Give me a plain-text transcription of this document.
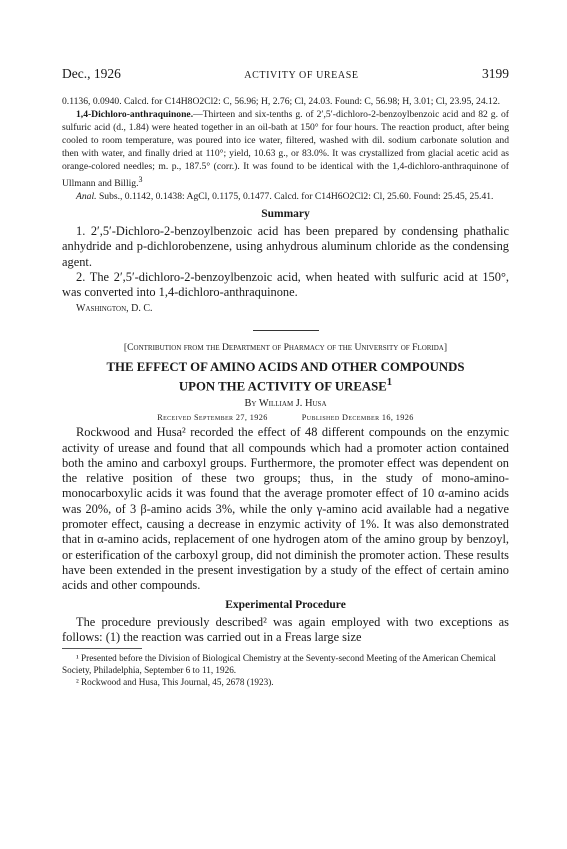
Dec., 1926	ACTIVITY OF UREASE	3199

0.1136, 0.0940. Calcd. for C14H8O2Cl2: C, 56.96; H, 2.76; Cl, 24.03. Found: C, 56.98; H, 3.01; Cl, 23.95, 24.12.

1,4-Dichloro-anthraquinone.—Thirteen and six-tenths g. of 2′,5′-dichloro-2-benzoylbenzoic acid and 82 g. of sulfuric acid (d., 1.84) were heated together in an oil-bath at 150° for four hours. The reaction product, after being cooled to room temperature, was poured into ice water, filtered, washed with dil. sodium carbonate solution and then with water, and finally dried at 110°; yield, 10.63 g., or 83.0%. It was crystallized from glacial acetic acid as orange-colored needles; m. p., 187.5° (corr.). It was found to be identical with the 1,4-dichloro-anthraquinone of Ullmann and Billig.$^3$

Anal. Subs., 0.1142, 0.1438: AgCl, 0.1175, 0.1477. Calcd. for C14H6O2Cl2: Cl, 25.60. Found: 25.45, 25.41.

Summary

1. 2′,5′-Dichloro-2-benzoylbenzoic acid has been prepared by condensing phathalic anhydride and p-dichlorobenzene, using anhydrous aluminum chloride as the condensing agent.

2. The 2′,5′-dichloro-2-benzoylbenzoic acid, when heated with sulfuric acid at 150°, was converted into 1,4-dichloro-anthraquinone.

Washington, D. C.

[Contribution from the Department of Pharmacy of the University of Florida]
THE EFFECT OF AMINO ACIDS AND OTHER COMPOUNDS
UPON THE ACTIVITY OF UREASE$^1$
By William J. Husa
Received September 27, 1926	Published December 16, 1926

Rockwood and Husa² recorded the effect of 48 different compounds on the enzymic activity of urease and found that all compounds which had a promoter action contained both the amino and carboxyl groups. Furthermore, the promoter effect was dependent on the relative position of these two groups; thus, in the study of mono-amino-monocarboxylic acids it was found that the average promoter effect of 10 α-amino acids was 20%, of 3 β-amino acids 3%, while the only γ-amino acid available had a negative promoter effect, causing a decrease in enzymic activity of 1%. It was also demonstrated that in α-amino acids, replacement of one hydrogen atom of the amino group by benzoyl, or esterification of the carboxyl group, did not diminish the promoter action. These results have been extended in the present investigation by a study of the effect of certain amino acids and other compounds.

Experimental Procedure

The procedure previously described² was again employed with two exceptions as follows: (1) the reaction was carried out in a Freas large size

¹ Presented before the Division of Biological Chemistry at the Seventy-second Meeting of the American Chemical Society, Philadelphia, September 6 to 11, 1926.

² Rockwood and Husa, This Journal, 45, 2678 (1923).
